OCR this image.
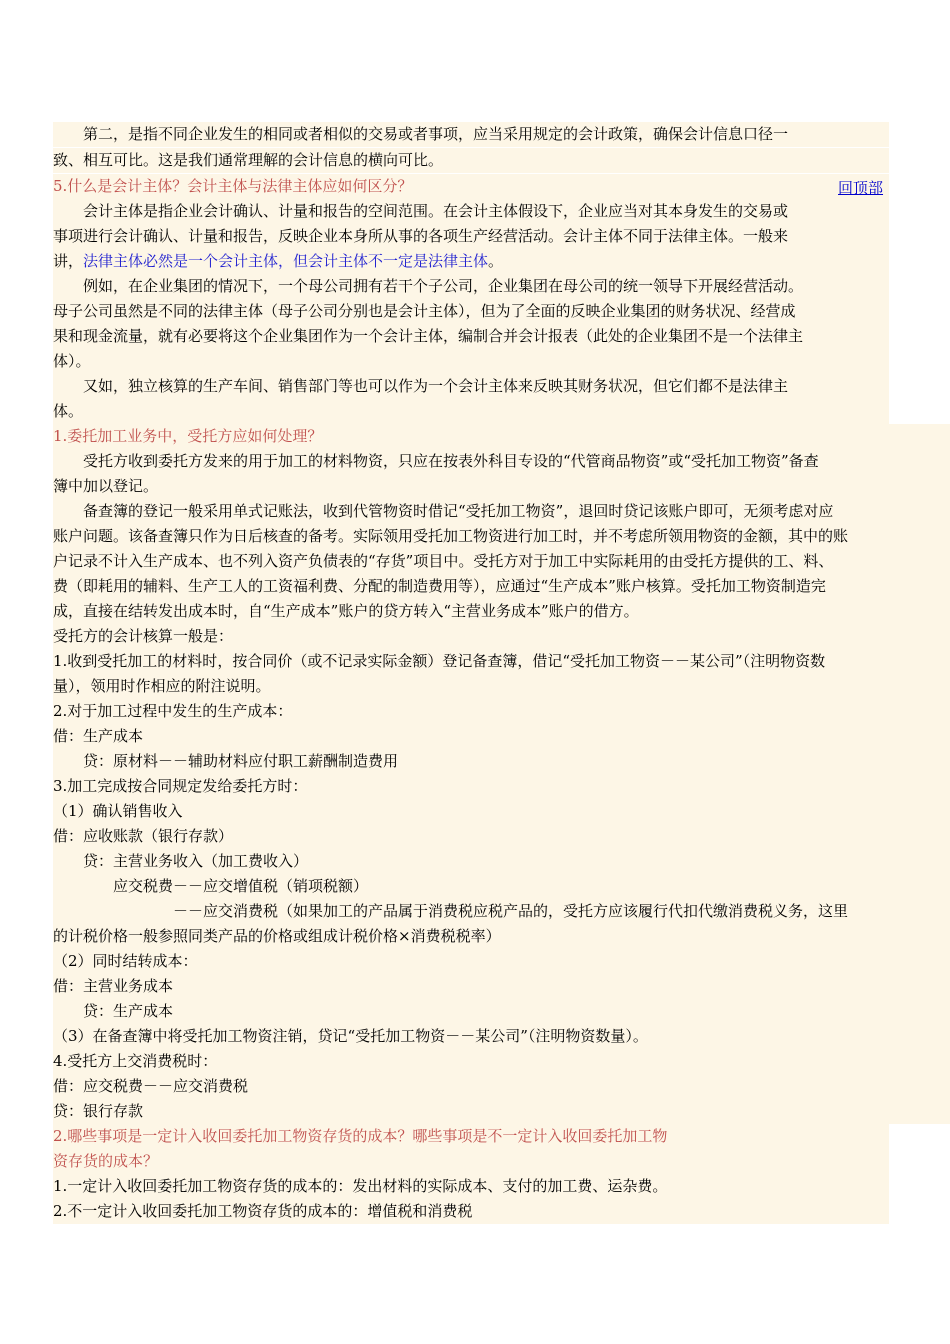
　　第二，是指不同企业发生的相同或者相似的交易或者事项，应当采用规定的会计政策，确保会计信息口径一
致、相互可比。这是我们通常理解的会计信息的横向可比。
5.什么是会计主体？会计主体与法律主体应如何区分？	回顶部
　　会计主体是指企业会计确认、计量和报告的空间范围。在会计主体假设下，企业应当对其本身发生的交易或
事项进行会计确认、计量和报告，反映企业本身所从事的各项生产经营活动。会计主体不同于法律主体。一般来
讲，法律主体必然是一个会计主体，但会计主体不一定是法律主体。
　　例如，在企业集团的情况下，一个母公司拥有若干个子公司，企业集团在母公司的统一领导下开展经营活动。
母子公司虽然是不同的法律主体（母子公司分别也是会计主体），但为了全面的反映企业集团的财务状况、经营成
果和现金流量，就有必要将这个企业集团作为一个会计主体，编制合并会计报表（此处的企业集团不是一个法律主
体）。
　　又如，独立核算的生产车间、销售部门等也可以作为一个会计主体来反映其财务状况，但它们都不是法律主
体。
1.委托加工业务中，受托方应如何处理？
　　受托方收到委托方发来的用于加工的材料物资，只应在按表外科目专设的“代管商品物资”或“受托加工物资”备查
簿中加以登记。
　　备查簿的登记一般采用单式记账法，收到代管物资时借记“受托加工物资”，退回时贷记该账户即可，无须考虑对应
账户问题。该备查簿只作为日后核查的备考。实际领用受托加工物资进行加工时，并不考虑所领用物资的金额，其中的账
户记录不计入生产成本、也不列入资产负债表的“存货”项目中。受托方对于加工中实际耗用的由受托方提供的工、料、
费（即耗用的辅料、生产工人的工资福利费、分配的制造费用等），应通过“生产成本”账户核算。受托加工物资制造完
成，直接在结转发出成本时，自“生产成本”账户的贷方转入“主营业务成本”账户的借方。
受托方的会计核算一般是：
1.收到受托加工的材料时，按合同价（或不记录实际金额）登记备查簿，借记“受托加工物资－－某公司”（注明物资数
量），领用时作相应的附注说明。
2.对于加工过程中发生的生产成本：
借：生产成本
　　贷：原材料－－辅助材料应付职工薪酬制造费用
3.加工完成按合同规定发给委托方时：
（1）确认销售收入
借：应收账款（银行存款）
　　贷：主营业务收入（加工费收入）
　　　　应交税费－－应交增值税（销项税额）
　　　　　　　　－－应交消费税（如果加工的产品属于消费税应税产品的，受托方应该履行代扣代缴消费税义务，这里
的计税价格一般参照同类产品的价格或组成计税价格×消费税税率）
（2）同时结转成本：
借：主营业务成本
　　贷：生产成本
（3）在备查簿中将受托加工物资注销，贷记“受托加工物资－－某公司”（注明物资数量）。
4.受托方上交消费税时：
借：应交税费－－应交消费税
贷：银行存款
2.哪些事项是一定计入收回委托加工物资存货的成本？哪些事项是不一定计入收回委托加工物
资存货的成本？
1.一定计入收回委托加工物资存货的成本的：发出材料的实际成本、支付的加工费、运杂费。
2.不一定计入收回委托加工物资存货的成本的：增值税和消费税
